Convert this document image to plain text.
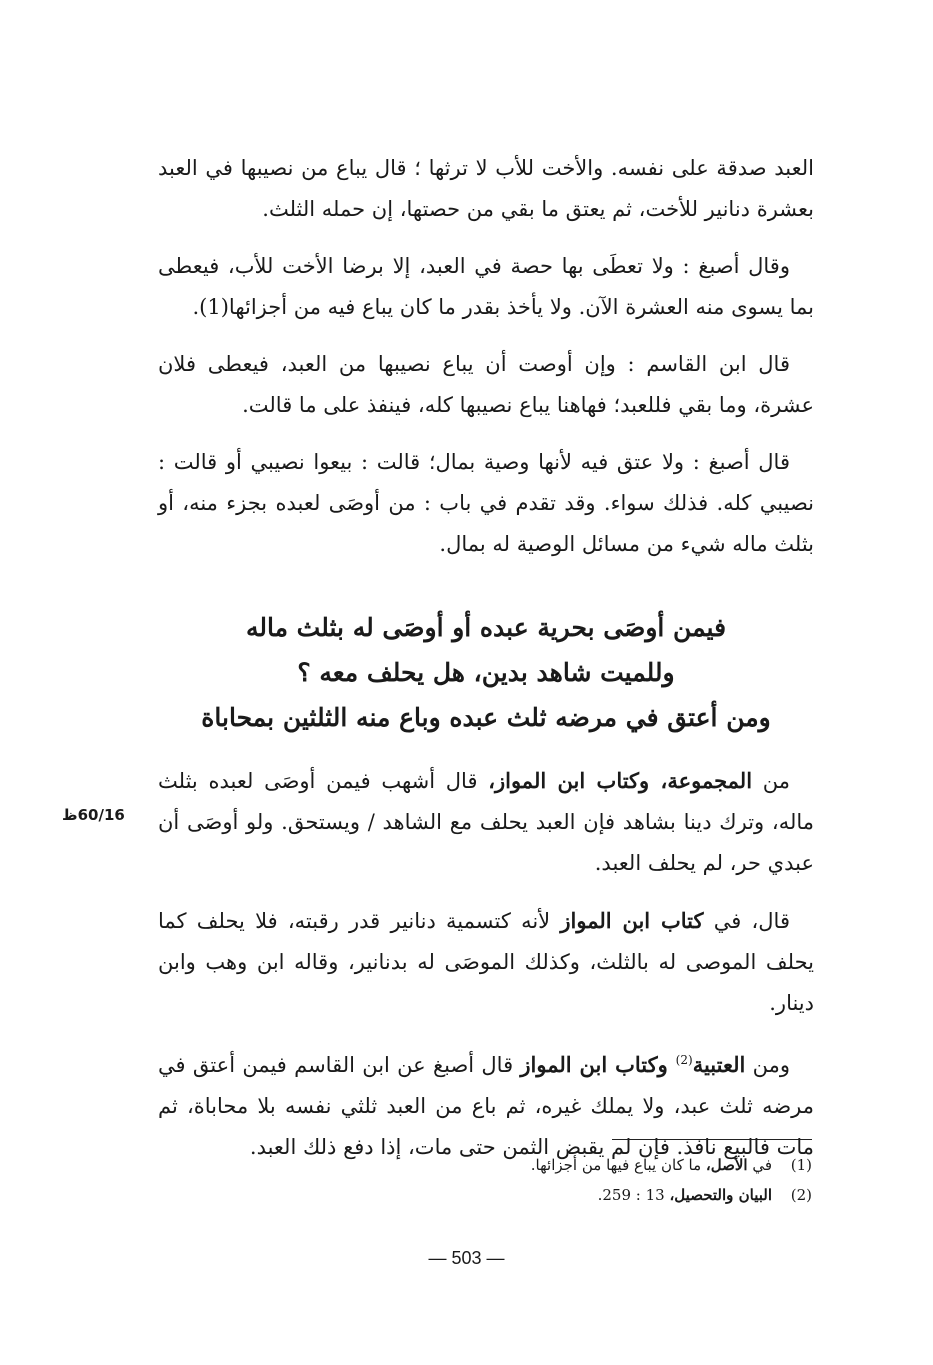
العبد صدقة على نفسه. والأخت للأب لا ترثها ؛ قال يباع من نصيبها في العبد بعشرة دنانير للأخت، ثم يعتق ما بقي من حصتها، إن حمله الثلث.

وقال أصبغ : ولا تعطَى بها حصة في العبد، إلا برضا الأخت للأب، فيعطى بما يسوى منه العشرة الآن. ولا يأخذ بقدر ما كان يباع فيه من أجزائها(1).

قال ابن القاسم : وإن أوصت أن يباع نصيبها من العبد، فيعطى فلان عشرة، وما بقي فللعبد؛ فهاهنا يباع نصيبها كله، فينفذ على ما قالت.

قال أصبغ : ولا عتق فيه لأنها وصية بمال؛ قالت : بيعوا نصيبي أو قالت : نصيبي كله. فذلك سواء. وقد تقدم في باب : من أوصَى لعبده بجزء منه، أو بثلث ماله شيء من مسائل الوصية له بمال.

فيمن أوصَى بحرية عبده أو أوصَى له بثلث ماله
وللميت شاهد بدين، هل يحلف معه ؟
ومن أعتق في مرضه ثلث عبده وباع منه الثلثين بمحاباة

من المجموعة، وكتاب ابن المواز، قال أشهب فيمن أوصَى لعبده بثلث ماله، وترك دينا بشاهد فإن العبد يحلف مع الشاهد / ويستحق. ولو أوصَى أن عبدي حر، لم يحلف العبد.

قال، في كتاب ابن المواز لأنه كتسمية دنانير قدر رقبته، فلا يحلف كما يحلف الموصى له بالثلث، وكذلك الموصَى له بدنانير، وقاله ابن وهب وابن دينار.

ومن العتبية$^{(2)}$ وكتاب ابن المواز قال أصبغ عن ابن القاسم فيمن أعتق في مرضه ثلث عبد، ولا يملك غيره، ثم باع من العبد ثلثي نفسه بلا محاباة، ثم مات فالبيع نافذ. فإن لم يقبض الثمن حتى مات، إذا دفع ذلك العبد.

60/16ظ
(1)
في الأصل، ما كان يباع فيها من أجزائها.
(2)
البيان والتحصيل، 13 : 259.
— 503 —
